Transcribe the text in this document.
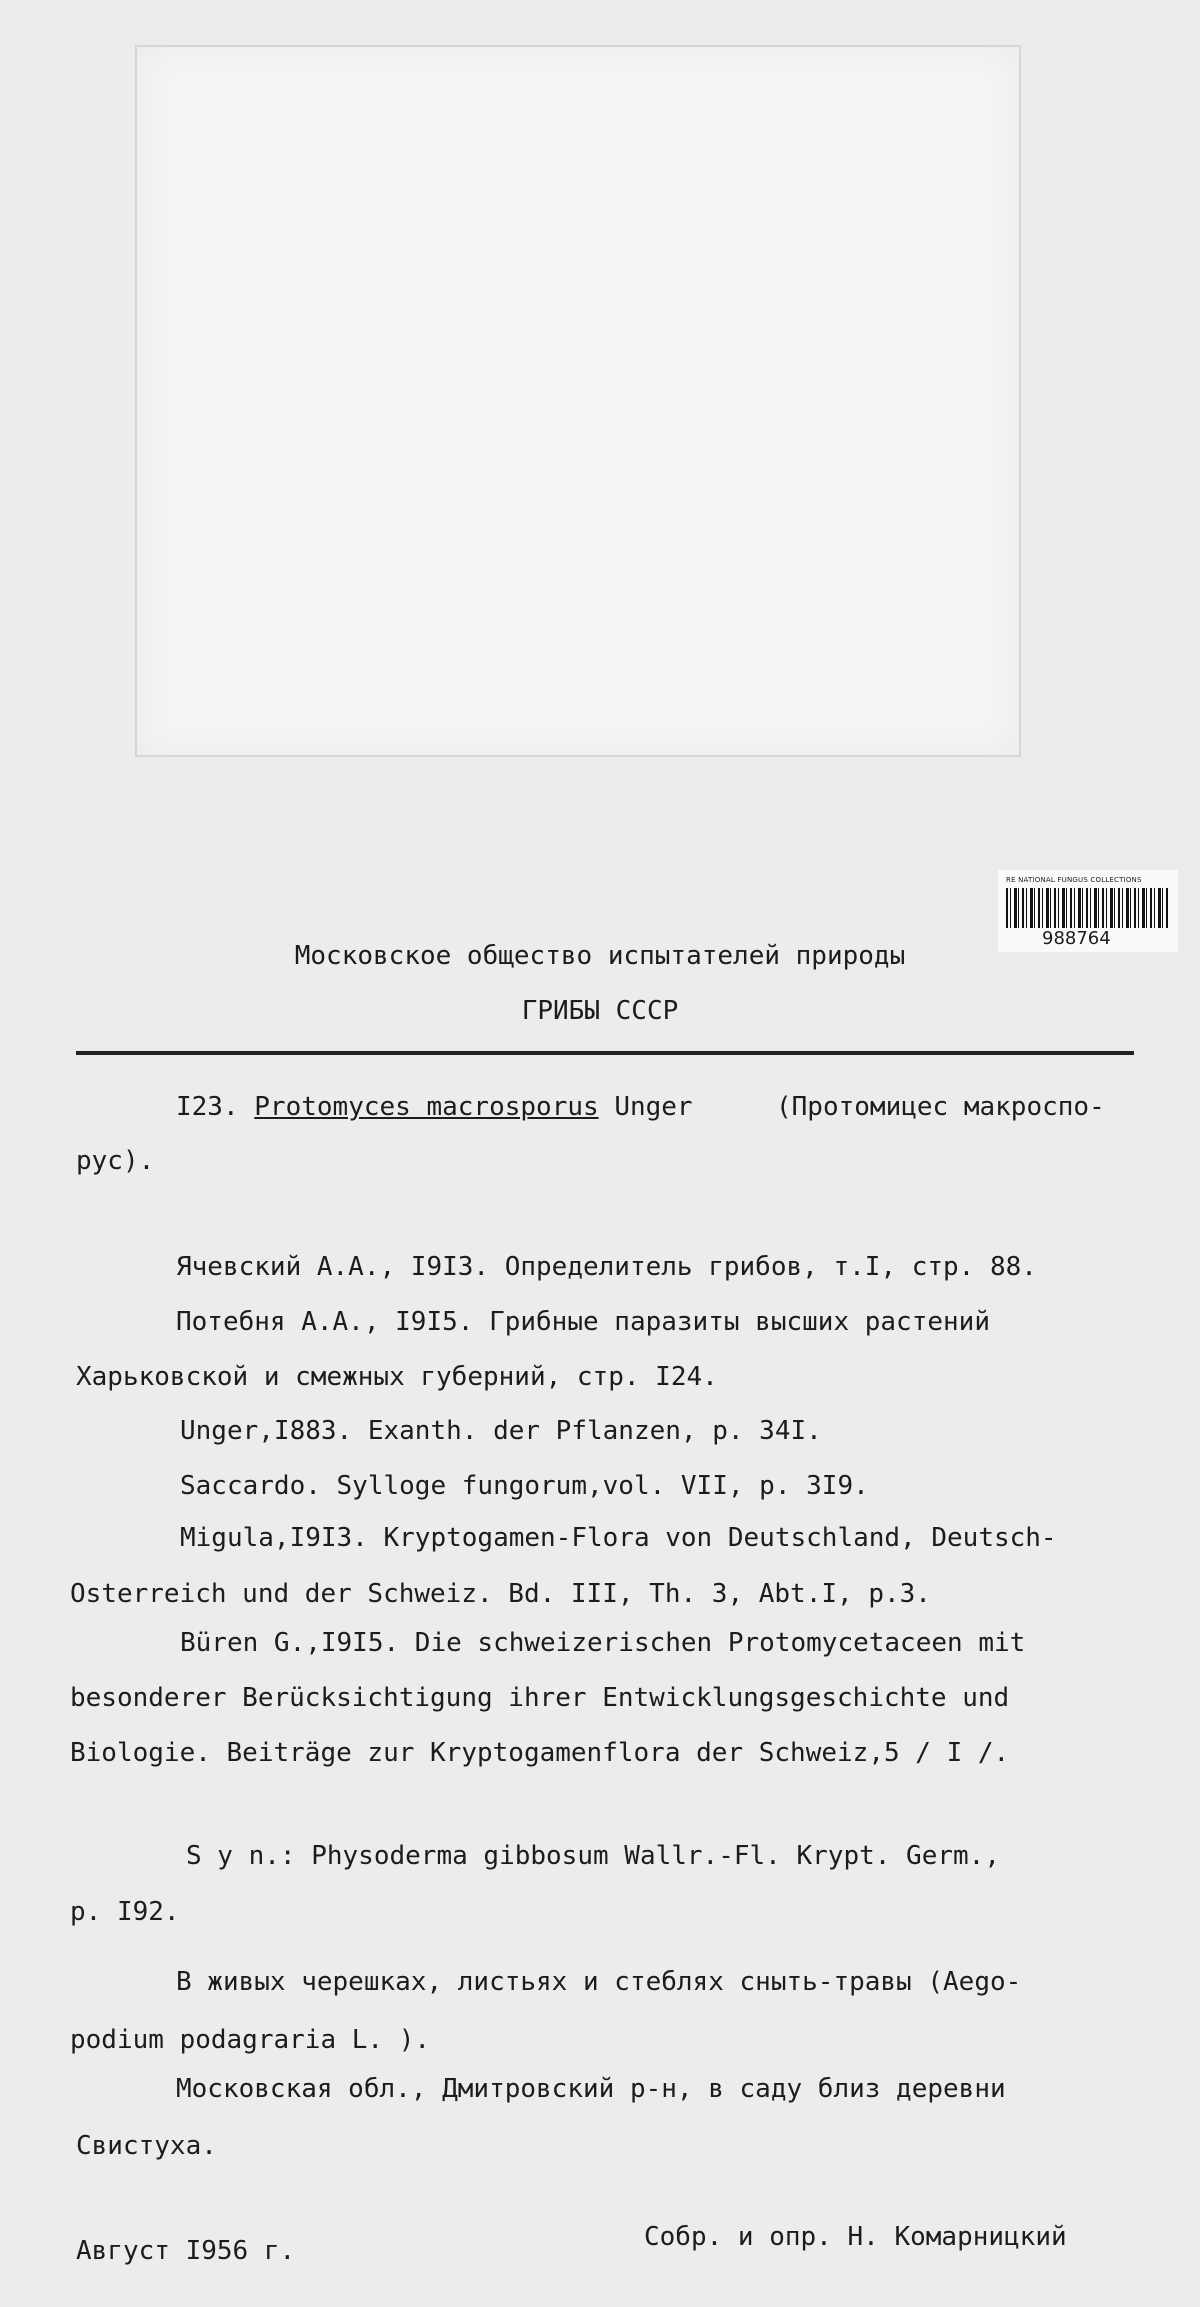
RE NATIONAL FUNGUS COLLECTIONS
988764
Московское общество испытателей природы
ГРИБЫ СССР
I23. Protomyces macrosporus Unger	(Протомицес макроспо-
рус).
Ячевский А.А., I9I3. Определитель грибов, т.I, стр. 88.
Потебня А.А., I9I5. Грибные паразиты высших растений
Харьковской и смежных губерний, стр. I24.
Unger,I883. Exanth. der Pflanzen, p. 34I.
Saccardo. Sylloge fungorum,vol. VII, p. 3I9.
Migula,I9I3. Kryptogamen-Flora von Deutschland, Deutsch-
Osterreich und der Schweiz. Bd. III, Th. 3, Abt.I, p.3.
Büren G.,I9I5. Die schweizerischen Protomycetaceen mit
besonderer Berücksichtigung ihrer Entwicklungsgeschichte und
Biologie. Beiträge zur Kryptogamenflora der Schweiz,5 / I /.
S y n.: Physoderma gibbosum Wallr.-Fl. Krypt. Germ.,
p. I92.
В живых черешках, листьях и стеблях сныть-травы (Aego-
podium podagraria L. ).
Московская обл., Дмитровский р-н, в саду близ деревни
Свистуха.
Август I956 г.	Собр. и опр. Н. Комарницкий
